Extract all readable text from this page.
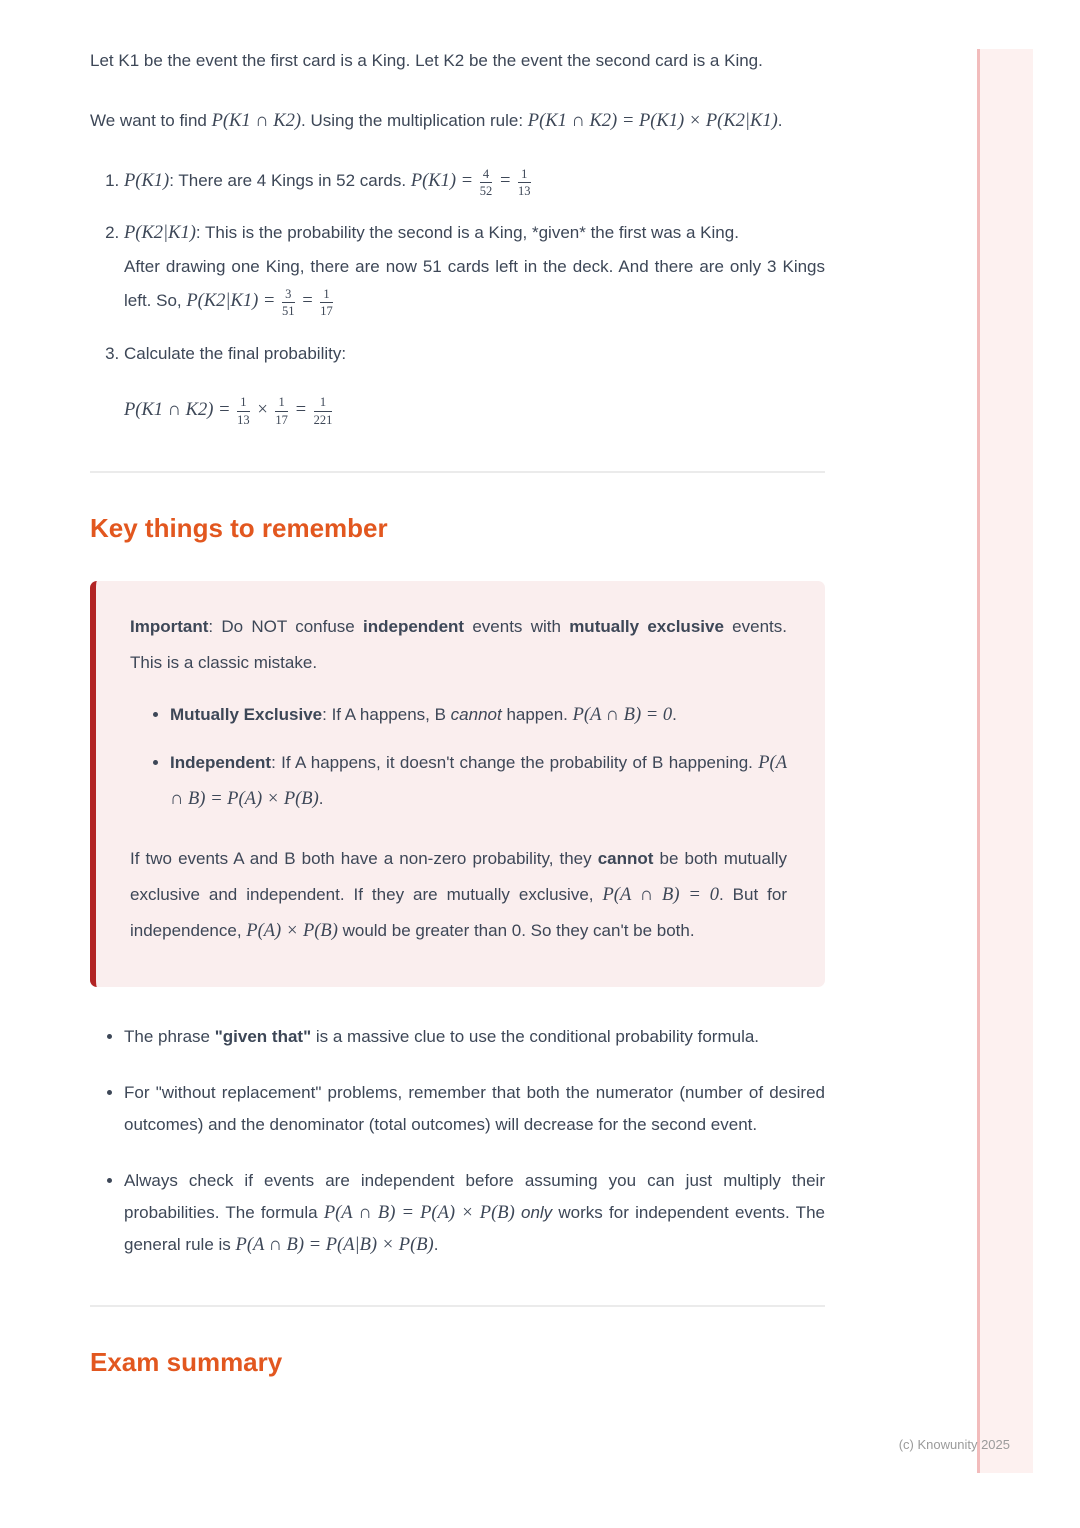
Let K1 be the event the first card is a King. Let K2 be the event the second card is a King.

We want to find P(K1 ∩ K2). Using the multiplication rule: P(K1 ∩ K2) = P(K1) × P(K2|K1).

1. P(K1): There are 4 Kings in 52 cards. $P(K1) = \frac{4}{52} = \frac{1}{13}$
2. P(K2|K1): This is the probability the second is a King, *given* the first was a King.
After drawing one King, there are now 51 cards left in the deck. And there are only 3 Kings left. So, $P(K2|K1) = \frac{3}{51} = \frac{1}{17}$
3. Calculate the final probability:
P(K1 ∩ $K2) = \frac{1}{13} \times \frac{1}{17} = \frac{1}{221}$
Key things to remember

Important: Do NOT confuse independent events with mutually exclusive events. This is a classic mistake.

• Mutually Exclusive: If A happens, B cannot happen. P(A ∩ B) = 0.
• Independent: If A happens, it doesn't change the probability of B happening. P(A ∩ B) = P(A) × P(B).

If two events A and B both have a non-zero probability, they cannot be both mutually exclusive and independent. If they are mutually exclusive, P(A ∩ B) = 0. But for independence, P(A) × P(B) would be greater than 0. So they can't be both.

• The phrase "given that" is a massive clue to use the conditional probability formula.
• For "without replacement" problems, remember that both the numerator (number of desired outcomes) and the denominator (total outcomes) will decrease for the second event.
• Always check if events are independent before assuming you can just multiply their probabilities. The formula P(A ∩ B) = P(A) × P(B) only works for independent events. The general rule is P(A ∩ B) = P(A|B) × P(B).
Exam summary
(c) Knowunity 2025
